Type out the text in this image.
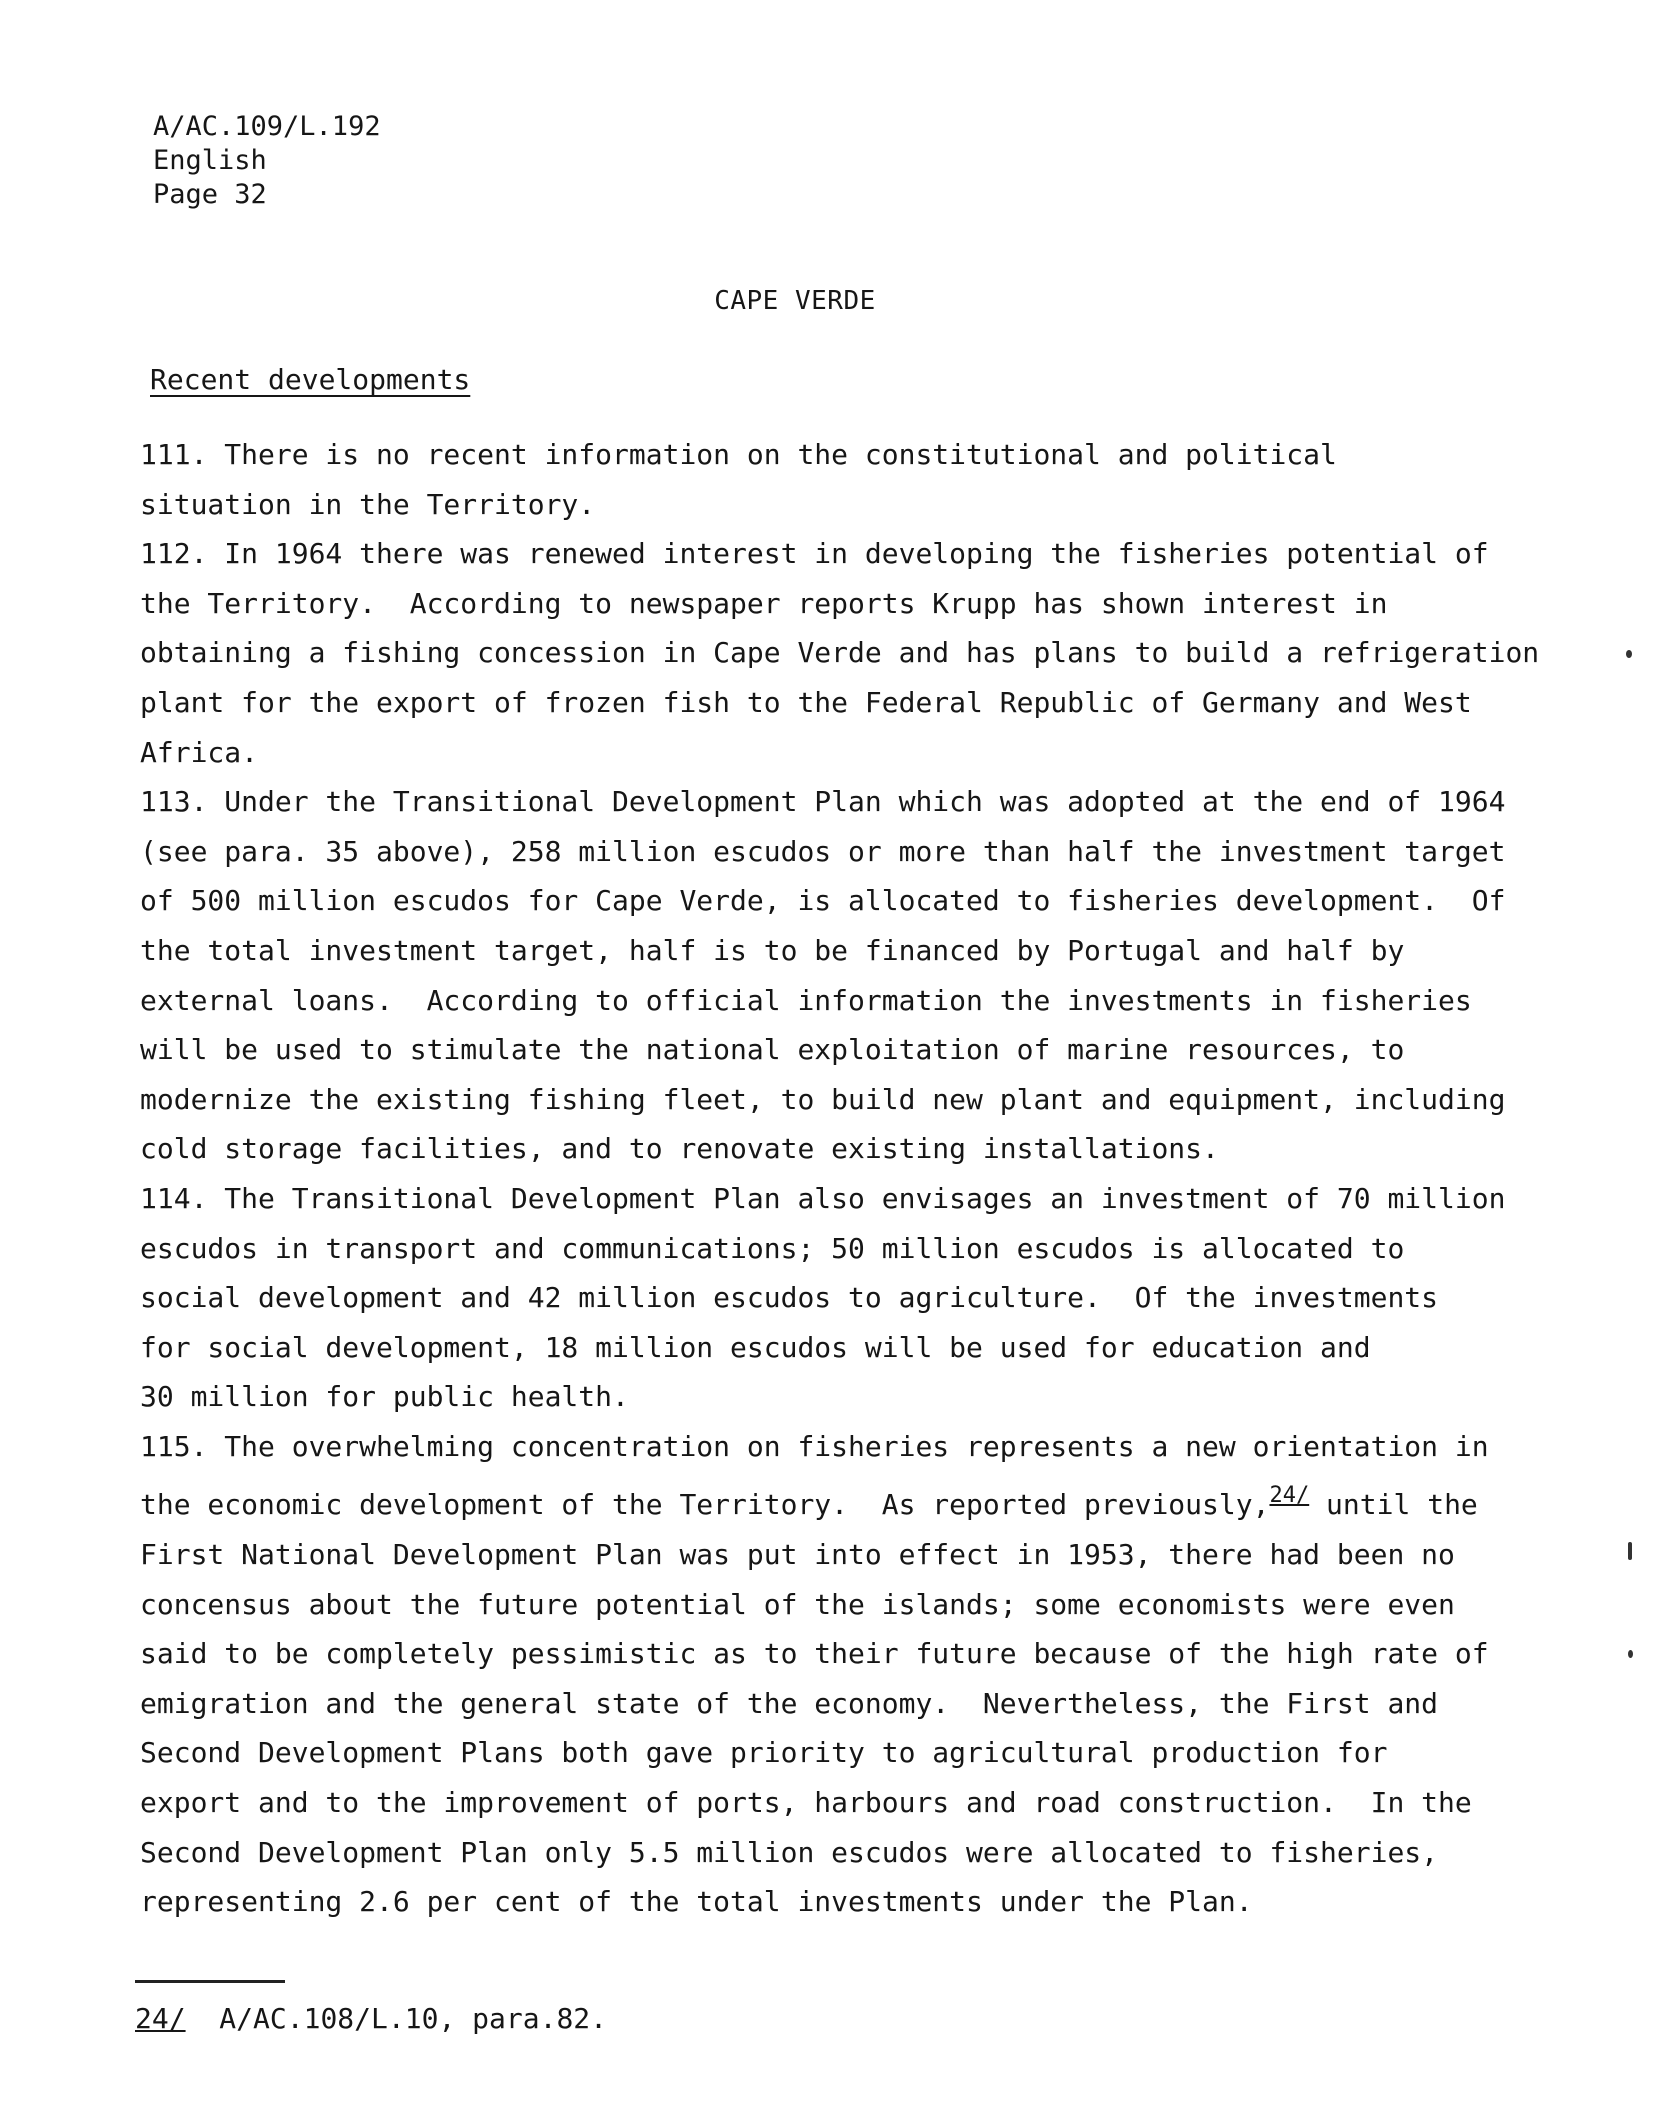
A/AC.109/L.192
English
Page 32
CAPE VERDE
Recent developments
111. There is no recent information on the constitutional and political
situation in the Territory.
112. In 1964 there was renewed interest in developing the fisheries potential of
the Territory.  According to newspaper reports Krupp has shown interest in
obtaining a fishing concession in Cape Verde and has plans to build a refrigeration
plant for the export of frozen fish to the Federal Republic of Germany and West
Africa.
113. Under the Transitional Development Plan which was adopted at the end of 1964
(see para. 35 above), 258 million escudos or more than half the investment target
of 500 million escudos for Cape Verde, is allocated to fisheries development.  Of
the total investment target, half is to be financed by Portugal and half by
external loans.  According to official information the investments in fisheries
will be used to stimulate the national exploitation of marine resources, to
modernize the existing fishing fleet, to build new plant and equipment, including
cold storage facilities, and to renovate existing installations.
114. The Transitional Development Plan also envisages an investment of 70 million
escudos in transport and communications; 50 million escudos is allocated to
social development and 42 million escudos to agriculture.  Of the investments
for social development, 18 million escudos will be used for education and
30 million for public health.
115. The overwhelming concentration on fisheries represents a new orientation in
the economic development of the Territory.  As reported previously,$^{24/}$ until the
First National Development Plan was put into effect in 1953, there had been no
concensus about the future potential of the islands; some economists were even
said to be completely pessimistic as to their future because of the high rate of
emigration and the general state of the economy.  Nevertheless, the First and
Second Development Plans both gave priority to agricultural production for
export and to the improvement of ports, harbours and road construction.  In the
Second Development Plan only 5.5 million escudos were allocated to fisheries,
representing 2.6 per cent of the total investments under the Plan.
24/  A/AC.108/L.10, para.82.
